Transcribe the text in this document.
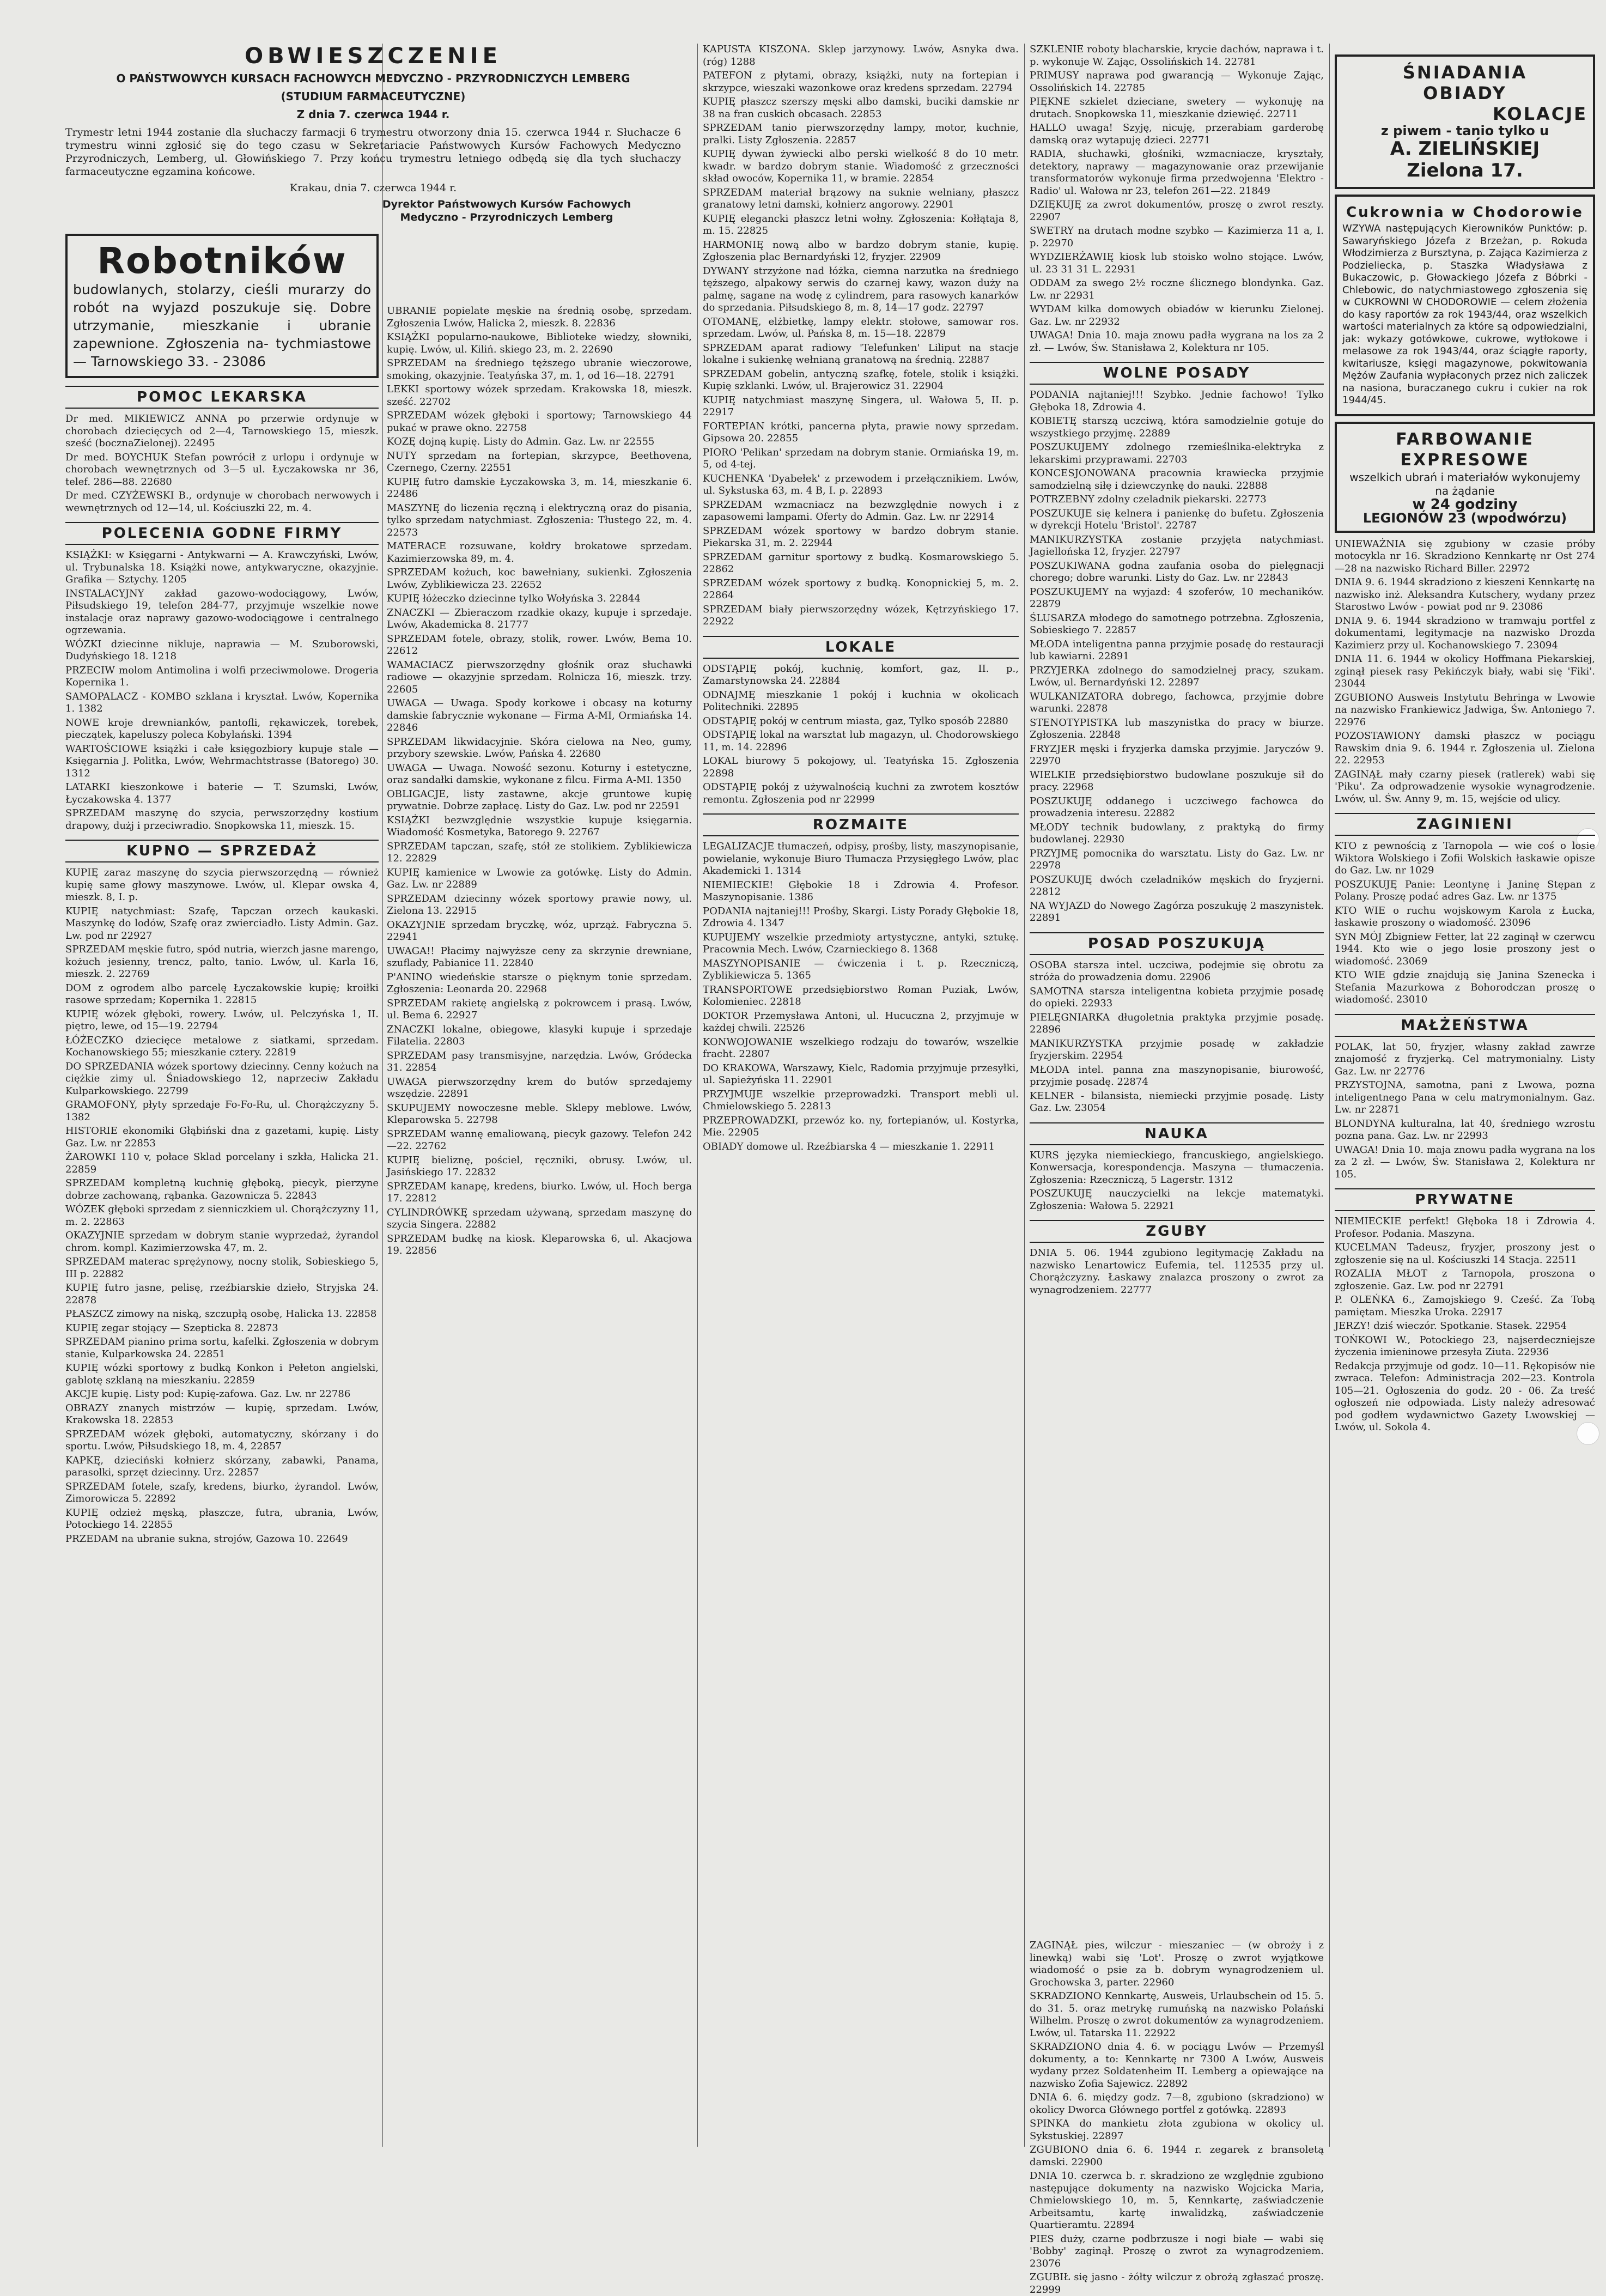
OBWIESZCZENIE
O PAŃSTWOWYCH KURSACH FACHOWYCH MEDYCZNO - PRZYRODNICZYCH LEMBERG
(STUDIUM FARMACEUTYCZNE)
Z dnia 7. czerwca 1944 r.

Trymestr letni 1944 zostanie dla słuchaczy farmacji 6 trymestru otworzony dnia 15. czerwca 1944 r. Słuchacze 6 trymestru winni zgłosić się do tego czasu w Sekretariacie Państwowych Kursów Fachowych Medyczno Przyrodniczych, Lemberg, ul. Głowińskiego 7. Przy końcu trymestru letniego odbędą się dla tych słuchaczy farmaceutyczne egzamina końcowe.

Krakau, dnia 7. czerwca 1944 r.

Dyrektor Państwowych Kursów Fachowych Medyczno - Przyrodniczych Lemberg
Robotników
budowlanych, stolarzy, cieśli murarzy do robót na wyjazd poszukuje się. Dobre utrzymanie, mieszkanie i ubranie zapewnione. Zgłoszenia na- tychmiastowe — Tarnowskiego 33. - 23086
POMOC LEKARSKA

Dr med. MIKIEWICZ ANNA po przerwie ordynuje w chorobach dziecięcych od 2—4, Tarnowskiego 15, mieszk. sześć (bocznaZielonej). 22495

Dr med. BOYCHUK Stefan powrócił z urlopu i ordynuje w chorobach wewnętrznych od 3—5 ul. Łyczakowska nr 36, telef. 286—88. 22680

Dr med. CZYŻEWSKI B., ordynuje w chorobach nerwowych i wewnętrznych od 12—14, ul. Kościuszki 22, m. 4.

POLECENIA GODNE FIRMY

KSIĄŻKI: w Księgarni - Antykwarni — A. Krawczyński, Lwów, ul. Trybunalska 18. Książki nowe, antykwaryczne, okazyjnie. Grafika — Sztychy. 1205

INSTALACYJNY zakład gazowo-wodociągowy, Lwów, Piłsudskiego 19, telefon 284-77, przyjmuje wszelkie nowe instalacje oraz naprawy gazowo-wodociągowe i centralnego ogrzewania.

WÓZKI dziecinne nikluje, naprawia — M. Szuborowski, Dudyńskiego 18. 1218

PRZECIW molom Antimolina i wolfi przeciwmolowe. Drogeria Kopernika 1.

SAMOPALACZ - KOMBO szklana i kryształ. Lwów, Kopernika 1. 1382

NOWE kroje drewnianków, pantofli, rękawiczek, torebek, pieczątek, kapeluszy poleca Kobylański. 1394

WARTOŚCIOWE książki i całe księgozbiory kupuje stale — Księgarnia J. Politka, Lwów, Wehrmachtstrasse (Batorego) 30. 1312

LATARKI kieszonkowe i baterie — T. Szumski, Lwów, Łyczakowska 4. 1377

SPRZEDAM maszynę do szycia, perwszorzędny kostium drapowy, dużj i przeciwradio. Snopkowska 11, mieszk. 15.

KUPNO — SPRZEDAŻ

KUPIĘ zaraz maszynę do szycia pierwszorzędną — również kupię same głowy maszynowe. Lwów, ul. Klepar owska 4, mieszk. 8, I. p.

KUPIĘ natychmiast: Szafę, Tapczan orzech kaukaski. Maszynkę do lodów, Szafę oraz zwierciadło. Listy Admin. Gaz. Lw. pod nr 22927

SPRZEDAM męskie futro, spód nutria, wierzch jasne marengo, kożuch jesienny, trencz, palto, tanio. Lwów, ul. Karla 16, mieszk. 2. 22769

DOM z ogrodem albo parcelę Łyczakowskie kupię; kroiłki rasowe sprzedam; Kopernika 1. 22815

KUPIĘ wózek głęboki, rowery. Lwów, ul. Pelczyńska 1, II. piętro, lewe, od 15—19. 22794

ŁÓŻECZKO dziecięce metalowe z siatkami, sprzedam. Kochanowskiego 55; mieszkanie cztery. 22819

DO SPRZEDANIA wózek sportowy dziecinny. Cenny kożuch na ciężkie zimy ul. Śniadowskiego 12, naprzeciw Zakładu Kulparkowskiego. 22799

GRAMOFONY, płyty sprzedaje Fo-Fo-Ru, ul. Chorążczyzny 5. 1382

HISTORIE ekonomiki Głąbiński dna z gazetami, kupię. Listy Gaz. Lw. nr 22853

ŻAROWKI 110 v, połace Sklad porcelany i szkła, Halicka 21. 22859

SPRZEDAM kompletną kuchnię głęboką, piecyk, pierzyne dobrze zachowaną, rąbanka. Gazownicza 5. 22843

WÓZEK głęboki sprzedam z sienniczkiem ul. Chorążczyzny 11, m. 2. 22863

OKAZYJNIE sprzedam w dobrym stanie wyprzedaż, żyrandol chrom. kompl. Kazimierzowska 47, m. 2.

SPRZEDAM materac sprężynowy, nocny stolik, Sobieskiego 5, III p. 22882

KUPIĘ futro jasne, pelisę, rzeźbiarskie dzieło, Stryjska 24. 22878

PŁASZCZ zimowy na niską, szczupłą osobę, Halicka 13. 22858

KUPIĘ zegar stojący — Szepticka 8. 22873

SPRZEDAM pianino prima sortu, kafelki. Zgłoszenia w dobrym stanie, Kulparkowska 24. 22851

KUPIĘ wózki sportowy z budką Konkon i Pełeton angielski, gablotę szklaną na mieszkaniu. 22859

AKCJE kupię. Listy pod: Kupię-zafowa. Gaz. Lw. nr 22786

OBRAZY znanych mistrzów — kupię, sprzedam. Lwów, Krakowska 18. 22853

SPRZEDAM wózek głęboki, automatyczny, skórzany i do sportu. Lwów, Piłsudskiego 18, m. 4, 22857

KAPKĘ, dzieciński kołnierz skórzany, zabawki, Panama, parasolki, sprzęt dziecinny. Urz. 22857

SPRZEDAM fotele, szafy, kredens, biurko, żyrandol. Lwów, Zimorowicza 5. 22892

KUPIĘ odzież męską, płaszcze, futra, ubrania, Lwów, Potockiego 14. 22855

PRZEDAM na ubranie sukna, strojów, Gazowa 10. 22649

UBRANIE popielate męskie na średnią osobę, sprzedam. Zgłoszenia Lwów, Halicka 2, mieszk. 8. 22836

KSIĄŻKI popularno-naukowe, Biblioteke wiedzy, słowniki, kupię. Lwów, ul. Kiliń. skiego 23, m. 2. 22690

SPRZEDAM na średniego tęższego ubranie wieczorowe, smoking, okazyjnie. Teatyńska 37, m. 1, od 16—18. 22791

LEKKI sportowy wózek sprzedam. Krakowska 18, mieszk. sześć. 22702

SPRZEDAM wózek głęboki i sportowy; Tarnowskiego 44 pukać w prawe okno. 22758

KOZĘ dojną kupię. Listy do Admin. Gaz. Lw. nr 22555

NUTY sprzedam na fortepian, skrzypce, Beethovena, Czernego, Czerny. 22551

KUPIĘ futro damskie Łyczakowska 3, m. 14, mieszkanie 6. 22486

MASZYNĘ do liczenia ręczną i elektryczną oraz do pisania, tylko sprzedam natychmiast. Zgłoszenia: Tłustego 22, m. 4. 22573

MATERACE rozsuwane, kołdry brokatowe sprzedam. Kazimierzowska 89, m. 4.

SPRZEDAM kożuch, koc bawełniany, sukienki. Zgłoszenia Lwów, Zyblikiewicza 23. 22652

KUPIĘ łóżeczko dziecinne tylko Wołyńska 3. 22844

ZNACZKI — Zbieraczom rzadkie okazy, kupuje i sprzedaje. Lwów, Akademicka 8. 21777

SPRZEDAM fotele, obrazy, stolik, rower. Lwów, Bema 10. 22612

WAMACIACZ pierwszorzędny głośnik oraz słuchawki radiowe — okazyjnie sprzedam. Rolnicza 16, mieszk. trzy. 22605

UWAGA — Uwaga. Spody korkowe i obcasy na koturny damskie fabrycznie wykonane — Firma A-MI, Ormiańska 14. 22846

SPRZEDAM likwidacyjnie. Skóra cielowa na Neo, gumy, przybory szewskie. Lwów, Pańska 4. 22680

UWAGA — Uwaga. Nowość sezonu. Koturny i estetyczne, oraz sandałki damskie, wykonane z filcu. Firma A-MI. 1350

OBLIGACJE, listy zastawne, akcje gruntowe kupię prywatnie. Dobrze zapłacę. Listy do Gaz. Lw. pod nr 22591

KSIĄŻKI bezwzględnie wszystkie kupuje księgarnia. Wiadomość Kosmetyka, Batorego 9. 22767

SPRZEDAM tapczan, szafę, stół ze stolikiem. Zyblikiewicza 12. 22829

KUPIĘ kamienice w Lwowie za gotówkę. Listy do Admin. Gaz. Lw. nr 22889

SPRZEDAM dziecinny wózek sportowy prawie nowy, ul. Zielona 13. 22915

OKAZYJNIE sprzedam bryczkę, wóz, uprząż. Fabryczna 5. 22941

UWAGA!! Płacimy najwyższe ceny za skrzynie drewniane, szuflady, Pabianice 11. 22840

P'ANINO wiedeńskie starsze o pięknym tonie sprzedam. Zgłoszenia: Leonarda 20. 22968

SPRZEDAM rakietę angielską z pokrowcem i prasą. Lwów, ul. Bema 6. 22927

ZNACZKI lokalne, obiegowe, klasyki kupuje i sprzedaje Filatelia. 22803

SPRZEDAM pasy transmisyjne, narzędzia. Lwów, Gródecka 31. 22854

UWAGA pierwszorzędny krem do butów sprzedajemy wszędzie. 22891

SKUPUJEMY nowoczesne meble. Sklepy meblowe. Lwów, Kleparowska 5. 22798

SPRZEDAM wannę emaliowaną, piecyk gazowy. Telefon 242—22. 22762

KUPIĘ bieliznę, pościel, ręczniki, obrusy. Lwów, ul. Jasińskiego 17. 22832

SPRZEDAM kanapę, kredens, biurko. Lwów, ul. Hoch berga 17. 22812

CYLINDRÓWKĘ sprzedam używaną, sprzedam maszynę do szycia Singera. 22882

SPRZEDAM budkę na kiosk. Kleparowska 6, ul. Akacjowa 19. 22856

KAPUSTA KISZONA. Sklep jarzynowy. Lwów, Asnyka dwa. (róg) 1288

PATEFON z płytami, obrazy, książki, nuty na fortepian i skrzypce, wieszaki wazonkowe oraz kredens sprzedam. 22794

KUPIĘ płaszcz szerszy męski albo damski, buciki damskie nr 38 na fran cuskich obcasach. 22853

SPRZEDAM tanio pierwszorzędny lampy, motor, kuchnie, pralki. Listy Zgłoszenia. 22857

KUPIĘ dywan żywiecki albo perski wielkość 8 do 10 metr. kwadr. w bardzo dobrym stanie. Wiadomość z grzeczności skład owoców, Kopernika 11, w bramie. 22854

SPRZEDAM materiał brązowy na suknie welniany, płaszcz granatowy letni damski, kołnierz angorowy. 22901

KUPIĘ elegancki płaszcz letni wołny. Zgłoszenia: Kołłątaja 8, m. 15. 22825

HARMONIĘ nową albo w bardzo dobrym stanie, kupię. Zgłoszenia plac Bernardyński 12, fryzjer. 22909

DYWANY strzyżone nad łóżka, ciemna narzutka na średniego tęższego, alpakowy serwis do czarnej kawy, wazon duży na palmę, sagane na wodę z cylindrem, para rasowych kanarków do sprzedania. Piłsudskiego 8, m. 8, 14—17 godz. 22797

OTOMANĘ, elżbietkę, lampy elektr. stołowe, samowar ros. sprzedam. Lwów, ul. Pańska 8, m. 15—18. 22879

SPRZEDAM aparat radiowy 'Telefunken' Liliput na stacje lokalne i sukienkę wełnianą granatową na średnią. 22887

SPRZEDAM gobelin, antyczną szafkę, fotele, stolik i książki. Kupię szklanki. Lwów, ul. Brajerowicz 31. 22904

KUPIĘ natychmiast maszynę Singera, ul. Wałowa 5, II. p. 22917

FORTEPIAN krótki, pancerna płyta, prawie nowy sprzedam. Gipsowa 20. 22855

PIORO 'Pelikan' sprzedam na dobrym stanie. Ormiańska 19, m. 5, od 4-tej.

KUCHENKA 'Dyabełek' z przewodem i przełącznikiem. Lwów, ul. Sykstuska 63, m. 4 B, I. p. 22893

SPRZEDAM wzmacniacz na bezwzględnie nowych i z zapasowemi lampami. Oferty do Admin. Gaz. Lw. nr 22914

SPRZEDAM wózek sportowy w bardzo dobrym stanie. Piekarska 31, m. 2. 22944

SPRZEDAM garnitur sportowy z budką. Kosmarowskiego 5. 22862

SPRZEDAM wózek sportowy z budką. Konopnickiej 5, m. 2. 22864

SPRZEDAM biały pierwszorzędny wózek, Kętrzyńskiego 17. 22922

LOKALE

ODSTĄPIĘ pokój, kuchnię, komfort, gaz, II. p., Zamarstynowska 24. 22884

ODNAJMĘ mieszkanie 1 pokój i kuchnia w okolicach Politechniki. 22895

ODSTĄPIĘ pokój w centrum miasta, gaz, Tylko sposób 22880

ODSTĄPIĘ lokal na warsztat lub magazyn, ul. Chodorowskiego 11, m. 14. 22896

LOKAL biurowy 5 pokojowy, ul. Teatyńska 15. Zgłoszenia 22898

ODSTĄPIĘ pokój z używalnością kuchni za zwrotem kosztów remontu. Zgłoszenia pod nr 22999

ROZMAITE

LEGALIZACJE tłumaczeń, odpisy, prośby, listy, maszynopisanie, powielanie, wykonuje Biuro Tłumacza Przysięgłego Lwów, plac Akademicki 1. 1314

NIEMIECKIE! Głębokie 18 i Zdrowia 4. Profesor. Maszynopisanie. 1386

PODANIA najtaniej!!! Prośby, Skargi. Listy Porady Głębokie 18, Zdrowia 4. 1347

KUPUJEMY wszelkie przedmioty artystyczne, antyki, sztukę. Pracownia Mech. Lwów, Czarnieckiego 8. 1368

MASZYNOPISANIE — ćwiczenia i t. p. Rzeczniczą, Zyblikiewicza 5. 1365

TRANSPORTOWE przedsiębiorstwo Roman Puziak, Lwów, Kolomieniec. 22818

DOKTOR Przemysława Antoni, ul. Hucuczna 2, przyjmuje w każdej chwili. 22526

KONWOJOWANIE wszelkiego rodzaju do towarów, wszelkie fracht. 22807

DO KRAKOWA, Warszawy, Kielc, Radomia przyjmuje przesyłki, ul. Sapieżyńska 11. 22901

PRZYJMUJE wszelkie przeprowadzki. Transport mebli ul. Chmielowskiego 5. 22813

PRZEPROWADZKI, przewóz ko. ny, fortepianów, ul. Kostyrka, Mie. 22905

OBIADY domowe ul. Rzeźbiarska 4 — mieszkanie 1. 22911

SZKLENIE roboty blacharskie, krycie dachów, naprawa i t. p. wykonuje W. Zając, Ossolińskich 14. 22781

PRIMUSY naprawa pod gwarancją — Wykonuje Zając, Ossolińskich 14. 22785

PIĘKNE szkielet dzieciane, swetery — wykonuję na drutach. Snopkowska 11, mieszkanie dziewięć. 22711

HALLO uwaga! Szyję, nicuję, przerabiam garderobę damską oraz wytapuję dzieci. 22771

RADIA, słuchawki, głośniki, wzmacniacze, kryształy, detektory, naprawy — magazynowanie oraz przewijanie transformatorów wykonuje firma przedwojenna 'Elektro - Radio' ul. Wałowa nr 23, telefon 261—22. 21849

DZIĘKUJĘ za zwrot dokumentów, proszę o zwrot reszty. 22907

SWETRY na drutach modne szybko — Kazimierza 11 a, I. p. 22970

WYDZIERŻAWIĘ kiosk lub stoisko wolno stojące. Lwów, ul. 23 31 31 L. 22931

ODDAM za swego 2½ roczne ślicznego blondynka. Gaz. Lw. nr 22931

WYDAM kilka domowych obiadów w kierunku Zielonej. Gaz. Lw. nr 22932

UWAGA! Dnia 10. maja znowu padła wygrana na los za 2 zł. — Lwów, Św. Stanisława 2, Kolektura nr 105.

WOLNE POSADY

PODANIA najtaniej!!! Szybko. Jednie fachowo! Tylko Głęboka 18, Zdrowia 4.

KOBIETĘ starszą uczciwą, która samodzielnie gotuje do wszystkiego przyjmę. 22889

POSZUKUJEMY zdolnego rzemieślnika-elektryka z lekarskimi przyprawami. 22703

KONCESJONOWANA pracownia krawiecka przyjmie samodzielną siłę i dziewczynkę do nauki. 22888

POTRZEBNY zdolny czeladnik piekarski. 22773

POSZUKUJE się kelnera i panienkę do bufetu. Zgłoszenia w dyrekcji Hotelu 'Bristol'. 22787

MANIKURZYSTKA zostanie przyjęta natychmiast. Jagiellońska 12, fryzjer. 22797

POSZUKIWANA godna zaufania osoba do pielęgnacji chorego; dobre warunki. Listy do Gaz. Lw. nr 22843

POSZUKUJEMY na wyjazd: 4 szoferów, 10 mechaników. 22879

ŚLUSARZA młodego do samotnego potrzebna. Zgłoszenia, Sobieskiego 7. 22857

MŁODA inteligentna panna przyjmie posadę do restauracji lub kawiarni. 22891

PRZYJERKA zdolnego do samodzielnej pracy, szukam. Lwów, ul. Bernardyński 12. 22897

WULKANIZATORA dobrego, fachowca, przyjmie dobre warunki. 22878

STENOTYPISTKA lub maszynistka do pracy w biurze. Zgłoszenia. 22848

FRYZJER męski i fryzjerka damska przyjmie. Jaryczów 9. 22970

WIELKIE przedsiębiorstwo budowlane poszukuje sił do pracy. 22968

POSZUKUJĘ oddanego i uczciwego fachowca do prowadzenia interesu. 22882

MŁODY technik budowlany, z praktyką do firmy budowlanej. 22930

PRZYJMĘ pomocnika do warsztatu. Listy do Gaz. Lw. nr 22978

POSZUKUJĘ dwóch czeladników męskich do fryzjerni. 22812

NA WYJAZD do Nowego Zagórza poszukuję 2 maszynistek. 22891

POSAD POSZUKUJĄ

OSOBA starsza intel. uczciwa, podejmie się obrotu za stróża do prowadzenia domu. 22906

SAMOTNA starsza inteligentna kobieta przyjmie posadę do opieki. 22933

PIELĘGNIARKA długoletnia praktyka przyjmie posadę. 22896

MANIKURZYSTKA przyjmie posadę w zakładzie fryzjerskim. 22954

MŁODA intel. panna zna maszynopisanie, biurowość, przyjmie posadę. 22874

KELNER - bilansista, niemiecki przyjmie posadę. Listy Gaz. Lw. 23054

NAUKA

KURS języka niemieckiego, francuskiego, angielskiego. Konwersacja, korespondencja. Maszyna — tłumaczenia. Zgłoszenia: Rzeczniczą, 5 Lagerstr. 1312

POSZUKUJĘ nauczycielki na lekcje matematyki. Zgłoszenia: Wałowa 5. 22921

ZGUBY

DNIA 5. 06. 1944 zgubiono legitymację Zakładu na nazwisko Lenartowicz Eufemia, tel. 112535 przy ul. Chorążczyzny. Łaskawy znalazca proszony o zwrot za wynagrodzeniem. 22777

ŚNIADANIA
OBIADY
KOLACJE
z piwem - tanio tylko u
A. ZIELIŃSKIEJ
Zielona 17.
Cukrownia w Chodorowie
WZYWA następujących Kierowników Punktów: p. Sawaryńskiego Józefa z Brzeżan, p. Rokuda Włodzimierza z Bursztyna, p. Zająca Kazimierza z Podzieliecka, p. Staszka Władysława z Bukaczowic, p. Głowackiego Józefa z Bóbrki - Chlebowic, do natychmiastowego zgłoszenia się w CUKROWNI W CHODOROWIE — celem złożenia do kasy raportów za rok 1943/44, oraz wszelkich wartości materialnych za które są odpowiedzialni, jak: wykazy gotówkowe, cukrowe, wytłokowe i melasowe za rok 1943/44, oraz ściągłe raporty, kwitariusze, księgi magazynowe, pokwitowania Mężów Zaufania wypłaconych przez nich zaliczek na nasiona, buraczanego cukru i cukier na rok 1944/45.
FARBOWANIE EXPRESOWE
wszelkich ubrań i materiałów wykonujemy na żądanie
w 24 godziny
LEGIONÓW 23 (wpodwórzu)

UNIEWAŻNIA się zgubiony w czasie próby motocykla nr 16. Skradziono Kennkartę nr Ost 274—28 na nazwisko Richard Biller. 22972

DNIA 9. 6. 1944 skradziono z kieszeni Kennkartę na nazwisko inż. Aleksandra Kutschery, wydany przez Starostwo Lwów - powiat pod nr 9. 23086

DNIA 9. 6. 1944 skradziono w tramwaju portfel z dokumentami, legitymacje na nazwisko Drozda Kazimierz przy ul. Kochanowskiego 7. 23094

DNIA 11. 6. 1944 w okolicy Hoffmana Piekarskiej, zginął piesek rasy Pekińczyk biały, wabi się 'Fiki'. 23044

ZGUBIONO Ausweis Instytutu Behringa w Lwowie na nazwisko Frankiewicz Jadwiga, Św. Antoniego 7. 22976

POZOSTAWIONY damski płaszcz w pociągu Rawskim dnia 9. 6. 1944 r. Zgłoszenia ul. Zielona 22. 22953

ZAGINĄŁ mały czarny piesek (ratlerek) wabi się 'Piku'. Za odprowadzenie wysokie wynagrodzenie. Lwów, ul. Św. Anny 9, m. 15, wejście od ulicy.

ZAGINIENI

KTO z pewnością z Tarnopola — wie coś o losie Wiktora Wolskiego i Zofii Wolskich łaskawie opisze do Gaz. Lw. nr 1029

POSZUKUJĘ Panie: Leontynę i Janinę Stępan z Polany. Proszę podać adres Gaz. Lw. nr 1375

KTO WIE o ruchu wojskowym Karola z Łucka, łaskawie proszony o wiadomość. 23096

SYN MÓJ Zbigniew Fetter, lat 22 zaginął w czerwcu 1944. Kto wie o jego losie proszony jest o wiadomość. 23069

KTO WIE gdzie znajdują się Janina Szenecka i Stefania Mazurkowa z Bohorodczan proszę o wiadomość. 23010

MAŁŻEŃSTWA

POLAK, lat 50, fryzjer, własny zakład zawrze znajomość z fryzjerką. Cel matrymonialny. Listy Gaz. Lw. nr 22776

PRZYSTOJNA, samotna, pani z Lwowa, pozna inteligentnego Pana w celu matrymonialnym. Gaz. Lw. nr 22871

BLONDYNA kulturalna, lat 40, średniego wzrostu pozna pana. Gaz. Lw. nr 22993

UWAGA! Dnia 10. maja znowu padła wygrana na los za 2 zł. — Lwów, Św. Stanisława 2, Kolektura nr 105.

PRYWATNE

NIEMIECKIE perfekt! Głęboka 18 i Zdrowia 4. Profesor. Podania. Maszyna.

KUCELMAN Tadeusz, fryzjer, proszony jest o zgłoszenie się na ul. Kościuszki 14 Stacja. 22511

ROZALIA MŁOT z Tarnopola, proszona o zgłoszenie. Gaz. Lw. pod nr 22791

P. OLEŃKA 6., Zamojskiego 9. Cześć. Za Tobą pamiętam. Mieszka Uroka. 22917

JERZY! dziś wieczór. Spotkanie. Stasek. 22954

TOŃKOWI W., Potockiego 23, najserdeczniejsze życzenia imieninowe przesyła Ziuta. 22936

Redakcja przyjmuje od godz. 10—11. Rękopisów nie zwraca. Telefon: Administracja 202—23. Kontrola 105—21. Ogłoszenia do godz. 20 - 06. Za treść ogłoszeń nie odpowiada. Listy należy adresować pod godłem wydawnictwo Gazety Lwowskiej — Lwów, ul. Sokola 4.

ZAGINĄŁ pies, wilczur - mieszaniec — (w obroży i z linewką) wabi się 'Lot'. Proszę o zwrot wyjątkowe wiadomość o psie za b. dobrym wynagrodzeniem ul. Grochowska 3, parter. 22960

SKRADZIONO Kennkartę, Ausweis, Urlaubschein od 15. 5. do 31. 5. oraz metrykę rumuńską na nazwisko Polański Wilhelm. Proszę o zwrot dokumentów za wynagrodzeniem. Lwów, ul. Tatarska 11. 22922

SKRADZIONO dnia 4. 6. w pociągu Lwów — Przemyśl dokumenty, a to: Kennkartę nr 7300 A Lwów, Ausweis wydany przez Soldatenheim II. Lemberg a opiewające na nazwisko Zofia Sajewicz. 22892

DNIA 6. 6. między godz. 7—8, zgubiono (skradziono) w okolicy Dworca Głównego portfel z gotówką. 22893

SPINKA do mankietu złota zgubiona w okolicy ul. Sykstuskiej. 22897

ZGUBIONO dnia 6. 6. 1944 r. zegarek z bransoletą damski. 22900

DNIA 10. czerwca b. r. skradziono ze względnie zgubiono następujące dokumenty na nazwisko Wojcicka Maria, Chmielowskiego 10, m. 5, Kennkartę, zaświadczenie Arbeitsamtu, kartę inwalidzką, zaświadczenie Quartieramtu. 22894

PIES duży, czarne podbrzusze i nogi białe — wabi się 'Bobby' zaginął. Proszę o zwrot za wynagrodzeniem. 23076

ZGUBIŁ się jasno - żółty wilczur z obrożą zgłaszać proszę. 22999
